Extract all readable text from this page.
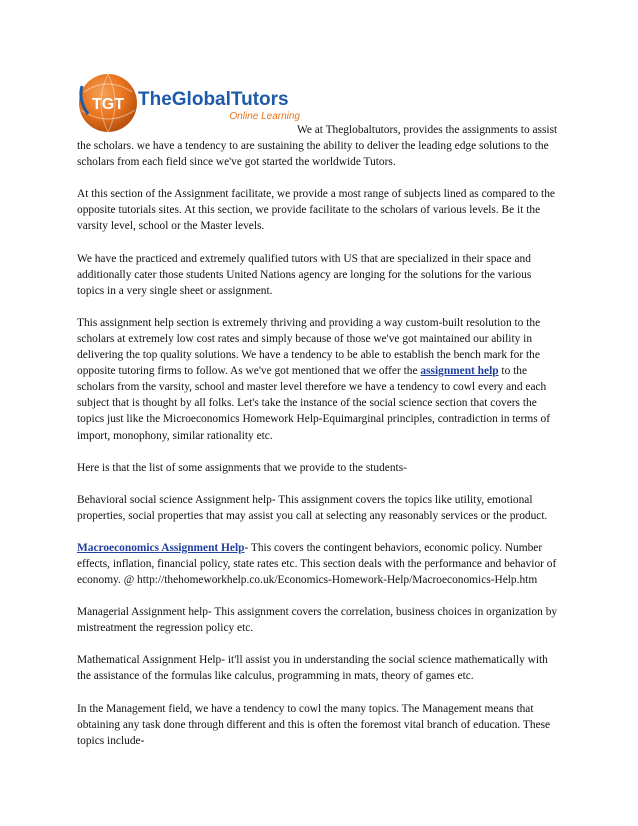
TGT TheGlobalTutors
Online Learning

We at Theglobaltutors, provides the assignments to assist the scholars. we have a tendency to are sustaining the ability to deliver the leading edge solutions to the scholars from each field since we've got started the worldwide Tutors.

At this section of the Assignment facilitate, we provide a most range of subjects lined as compared to the opposite tutorials sites. At this section, we provide facilitate to the scholars of various levels. Be it the varsity level, school or the Master levels.

We have the practiced and extremely qualified tutors with US that are specialized in their space and additionally cater those students United Nations agency are longing for the solutions for the various topics in a very single sheet or assignment.

This assignment help section is extremely thriving and providing a way custom-built resolution to the scholars at extremely low cost rates and simply because of those we've got maintained our ability in delivering the top quality solutions. We have a tendency to be able to establish the bench mark for the opposite tutoring firms to follow. As we've got mentioned that we offer the assignment help to the scholars from the varsity, school and master level therefore we have a tendency to cowl every and each subject that is thought by all folks. Let's take the instance of the social science section that covers the topics just like the Microeconomics Homework Help-Equimarginal principles, contradiction in terms of import, monophony, similar rationality etc.

Here is that the list of some assignments that we provide to the students-

Behavioral social science Assignment help- This assignment covers the topics like utility, emotional properties, social properties that may assist you call at selecting any reasonably services or the product.

Macroeconomics Assignment Help- This covers the contingent behaviors, economic policy. Number effects, inflation, financial policy, state rates etc. This section deals with the performance and behavior of economy. @ http://thehomeworkhelp.co.uk/Economics-Homework-Help/Macroeconomics-Help.htm

Managerial Assignment help- This assignment covers the correlation, business choices in organization by mistreatment the regression policy etc.

Mathematical Assignment Help- it'll assist you in understanding the social science mathematically with the assistance of the formulas like calculus, programming in mats, theory of games etc.

In the Management field, we have a tendency to cowl the many topics. The Management means that obtaining any task done through different and this is often the foremost vital branch of education. These topics include-
